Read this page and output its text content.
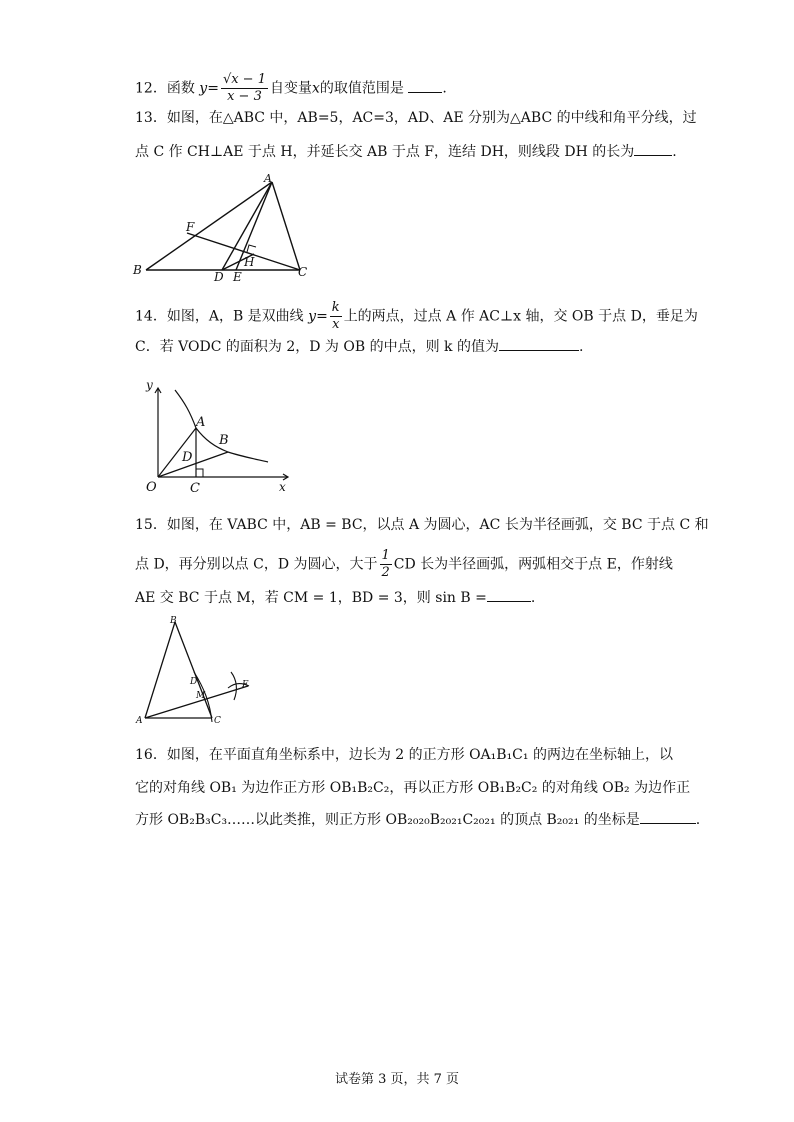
12．函数 $y= \frac{√x - 1}{x - 3}$ 自变量x的取值范围是	.
13．如图，在△ABC 中，AB=5，AC=3，AD、AE 分别为△ABC 的中线和角平分线，过
点 C 作 CH⊥AE 于点 H，并延长交 AB 于点 F，连结 DH，则线段 DH 的长为	.
A
B	C
D E
F
H
14．如图，A，B 是双曲线 $y= \frac{k}{x}$ 上的两点，过点 A 作 AC⊥x 轴，交 OB 于点 D，垂足为
C．若 VODC 的面积为 2，D 为 OB 的中点，则 k 的值为	.
y
x
O
A
B
C
D
15．如图，在 VABC 中，AB = BC，以点 A 为圆心，AC 长为半径画弧，交 BC 于点 C 和
点 D，再分别以点 C，D 为圆心，大于 $\frac{1}{2}$ CD 长为半径画弧，两弧相交于点 E，作射线
AE 交 BC 于点 M，若 CM = 1，BD = 3，则 sin B =	.
A
B
C
D
M
E
16．如图，在平面直角坐标系中，边长为 2 的正方形 OA₁B₁C₁ 的两边在坐标轴上，以
它的对角线 OB₁ 为边作正方形 OB₁B₂C₂，再以正方形 OB₁B₂C₂ 的对角线 OB₂ 为边作正
方形 OB₂B₃C₃……以此类推，则正方形 OB₂₀₂₀B₂₀₂₁C₂₀₂₁ 的顶点 B₂₀₂₁ 的坐标是	.
试卷第 3 页，共 7 页
